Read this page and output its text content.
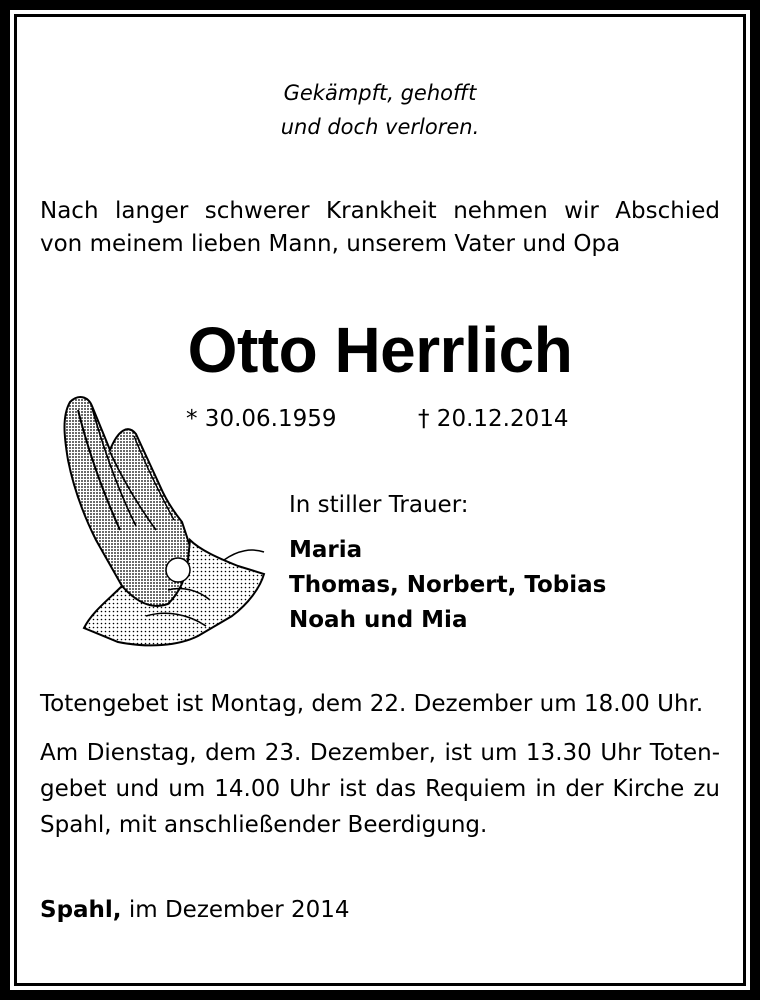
Gekämpft, gehofft
und doch verloren.
Nach langer schwerer Krankheit nehmen wir Abschied
von meinem lieben Mann, unserem Vater und Opa
Otto Herrlich
* 30.06.1959	† 20.12.2014
In stiller Trauer:
Maria
Thomas, Norbert, Tobias
Noah und Mia
Totengebet ist Montag, dem 22. Dezember um 18.00 Uhr.
Am Dienstag, dem 23. Dezember, ist um 13.30 Uhr Toten-
gebet und um 14.00 Uhr ist das Requiem in der Kirche zu
Spahl, mit anschließender Beerdigung.
Spahl, im Dezember 2014
